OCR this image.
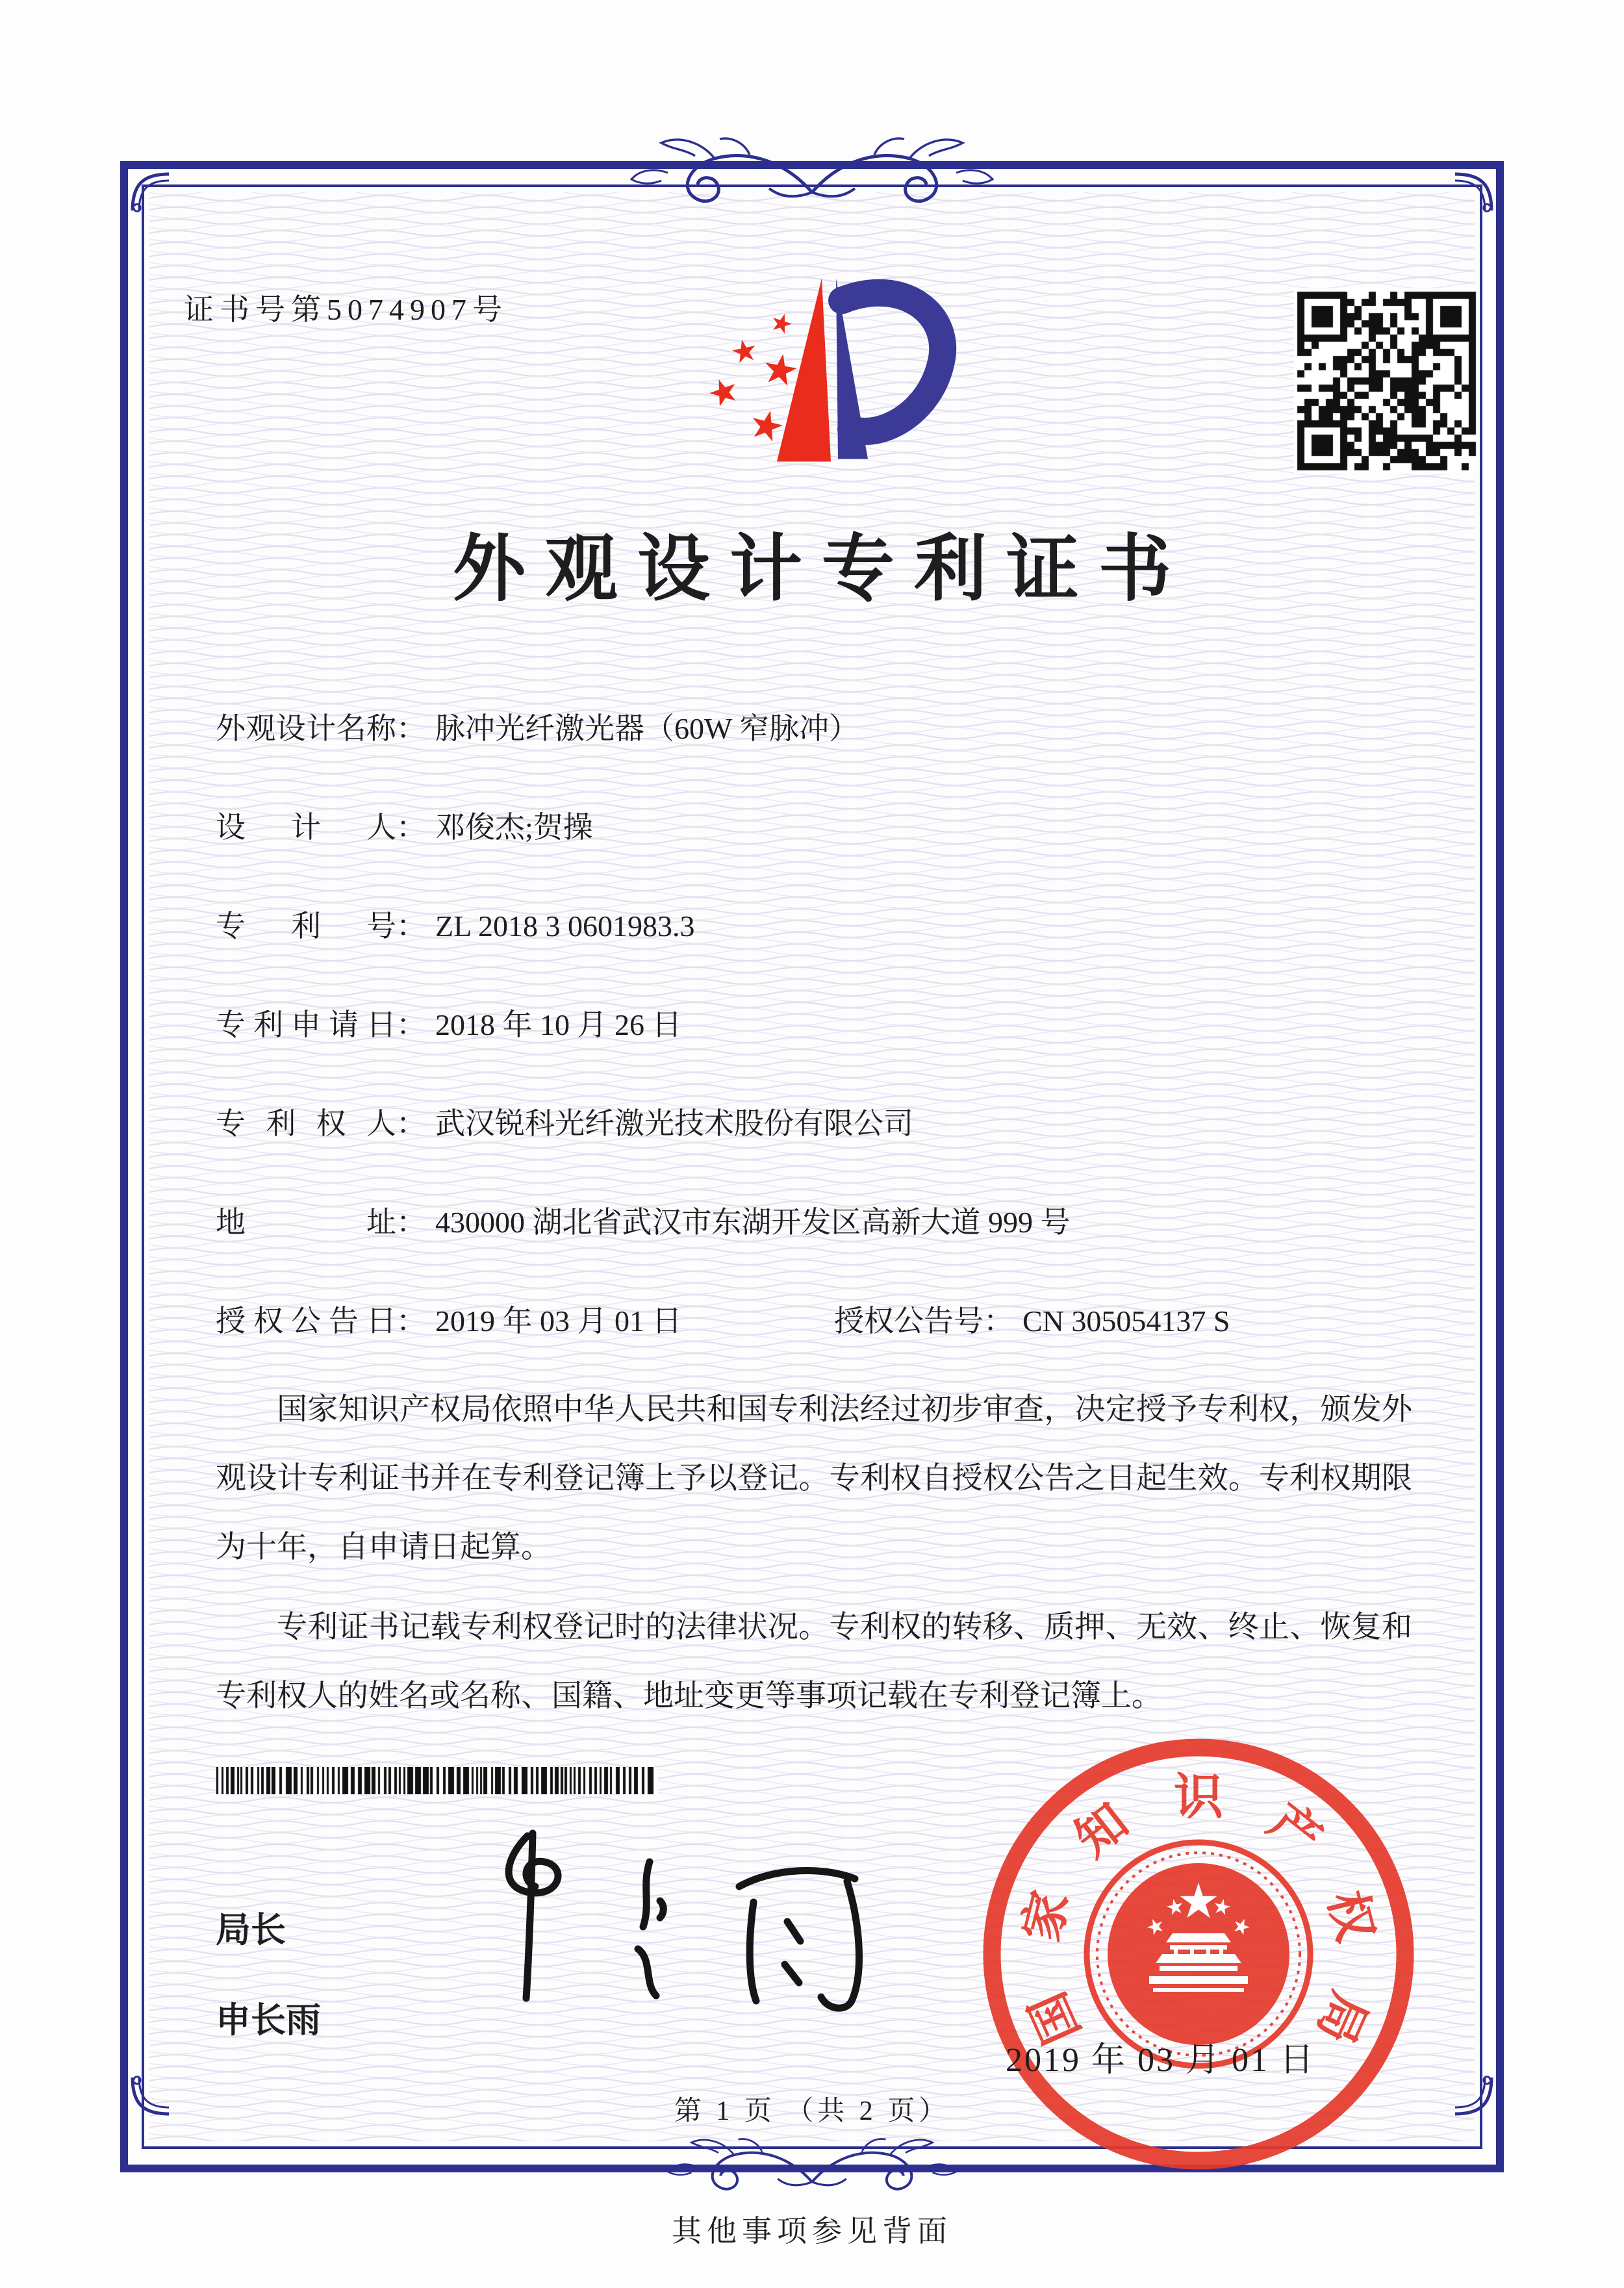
证书号第5074907号
外观设计专利证书
外观设计名称： 脉冲光纤激光器（60W 窄脉冲）
设计人： 邓俊杰;贺操
专利号： ZL 2018 3 0601983.3
专利申请日： 2018 年 10 月 26 日
专利权人： 武汉锐科光纤激光技术股份有限公司
地址： 430000 湖北省武汉市东湖开发区高新大道 999 号
授权公告日： 2019 年 03 月 01 日	授权公告号： CN 305054137 S

国家知识产权局依照中华人民共和国专利法经过初步审查，决定授予专利权，颁发外观设计专利证书并在专利登记簿上予以登记。专利权自授权公告之日起生效。专利权期限为十年，自申请日起算。

专利证书记载专利权登记时的法律状况。专利权的转移、质押、无效、终止、恢复和专利权人的姓名或名称、国籍、地址变更等事项记载在专利登记簿上。

局长
申长雨	国
家
知 识 产
权
局
2019 年 03 月 01 日
第 1 页 （共 2 页）
其他事项参见背面
